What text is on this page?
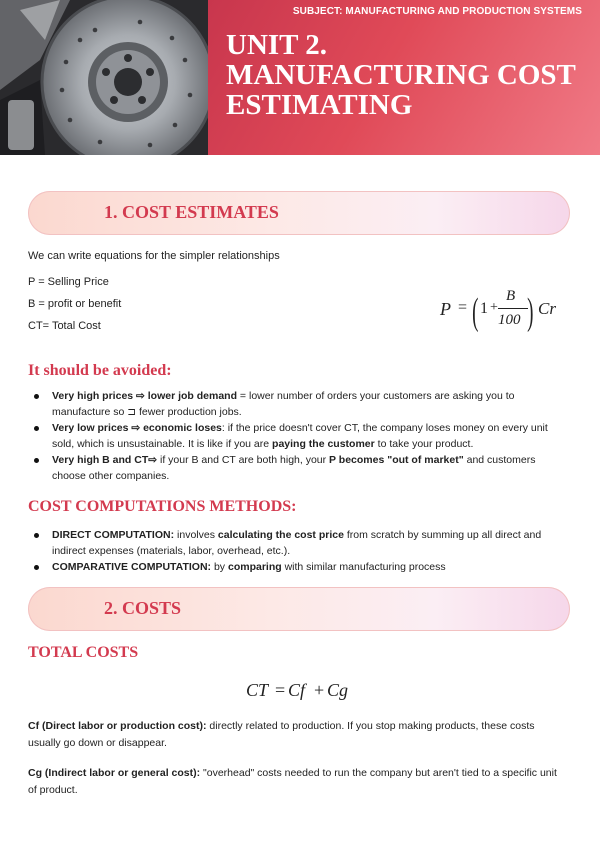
SUBJECT: MANUFACTURING AND PRODUCTION SYSTEMS
UNIT 2.
MANUFACTURING COST
ESTIMATING
1. COST ESTIMATES
We can write equations for the simpler relationships
P = Selling Price
B = profit or benefit
CT= Total Cost
P = ( 1 +
B
100 ) Cr
It should be avoided:
Very high prices ⇨ lower job demand = lower number of orders your customers are asking you to manufacture so ⊐ fewer production jobs.
Very low prices ⇨ economic loses: if the price doesn't cover CT, the company loses money on every unit sold, which is unsustainable. It is like if you are paying the customer to take your product.
Very high B and CT⇨ if your B and CT are both high, your P becomes "out of market" and customers choose other companies.
COST COMPUTATIONS METHODS:
DIRECT COMPUTATION: involves calculating the cost price from scratch by summing up all direct and indirect expenses (materials, labor, overhead, etc.).
COMPARATIVE COMPUTATION: by comparing with similar manufacturing process
2. COSTS
TOTAL COSTS
CT = Cf + Cg
Cf (Direct labor or production cost): directly related to production. If you stop making products, these costs usually go down or disappear.
Cg (Indirect labor or general cost): "overhead" costs needed to run the company but aren't tied to a specific unit of product.
